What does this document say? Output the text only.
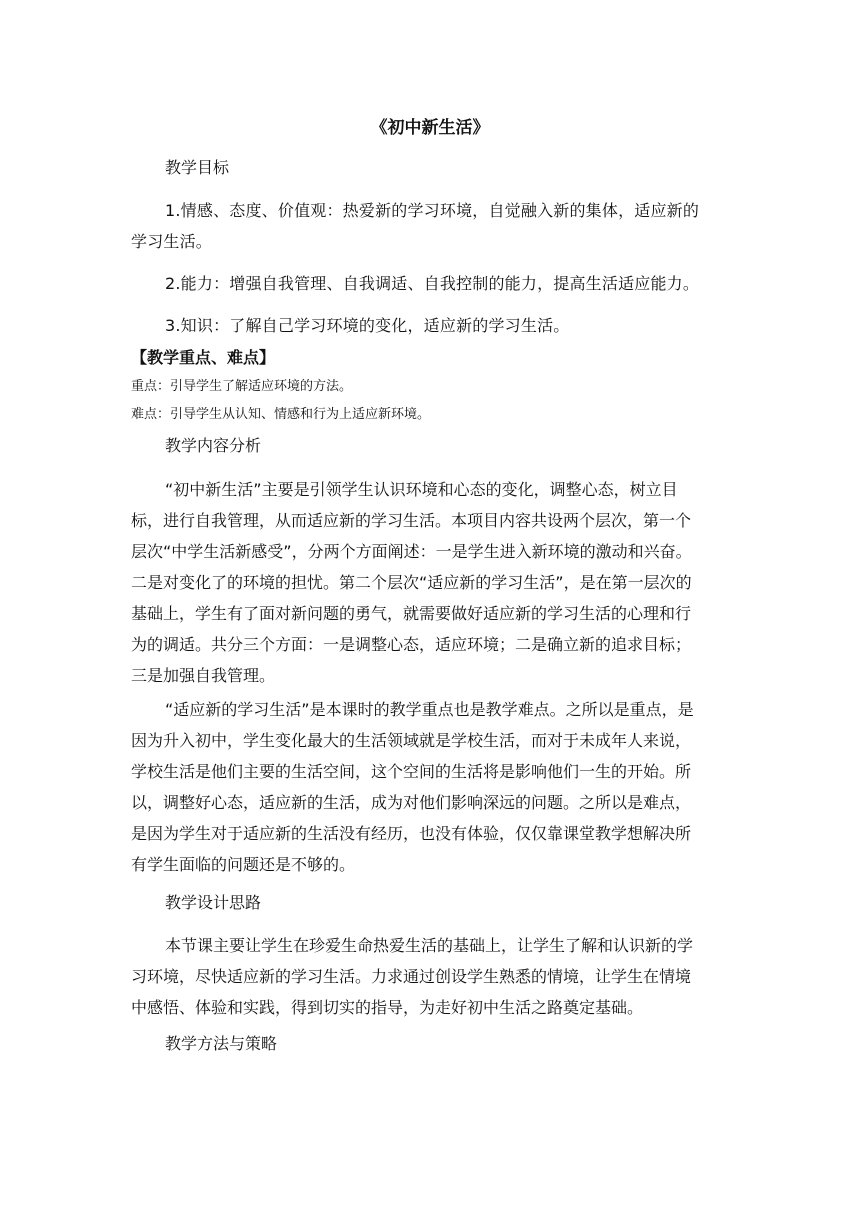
《初中新生活》
教学目标
1.情感、态度、价值观：热爱新的学习环境，自觉融入新的集体，适应新的
学习生活。
2.能力：增强自我管理、自我调适、自我控制的能力，提高生活适应能力。
3.知识：了解自己学习环境的变化，适应新的学习生活。
【教学重点、难点】
重点：引导学生了解适应环境的方法。
难点：引导学生从认知、情感和行为上适应新环境。
教学内容分析

“初中新生活”主要是引领学生认识环境和心态的变化，调整心态，树立目

标，进行自我管理，从而适应新的学习生活。本项目内容共设两个层次，第一个

层次“中学生活新感受”，分两个方面阐述：一是学生进入新环境的激动和兴奋。

二是对变化了的环境的担忧。第二个层次“适应新的学习生活”，是在第一层次的

基础上，学生有了面对新问题的勇气，就需要做好适应新的学习生活的心理和行

为的调适。共分三个方面：一是调整心态，适应环境；二是确立新的追求目标；

三是加强自我管理。

“适应新的学习生活”是本课时的教学重点也是教学难点。之所以是重点，是

因为升入初中，学生变化最大的生活领域就是学校生活，而对于未成年人来说，

学校生活是他们主要的生活空间，这个空间的生活将是影响他们一生的开始。所

以，调整好心态，适应新的生活，成为对他们影响深远的问题。之所以是难点，

是因为学生对于适应新的生活没有经历，也没有体验，仅仅靠课堂教学想解决所

有学生面临的问题还是不够的。

教学设计思路

本节课主要让学生在珍爱生命热爱生活的基础上，让学生了解和认识新的学

习环境，尽快适应新的学习生活。力求通过创设学生熟悉的情境，让学生在情境

中感悟、体验和实践，得到切实的指导，为走好初中生活之路奠定基础。

教学方法与策略
